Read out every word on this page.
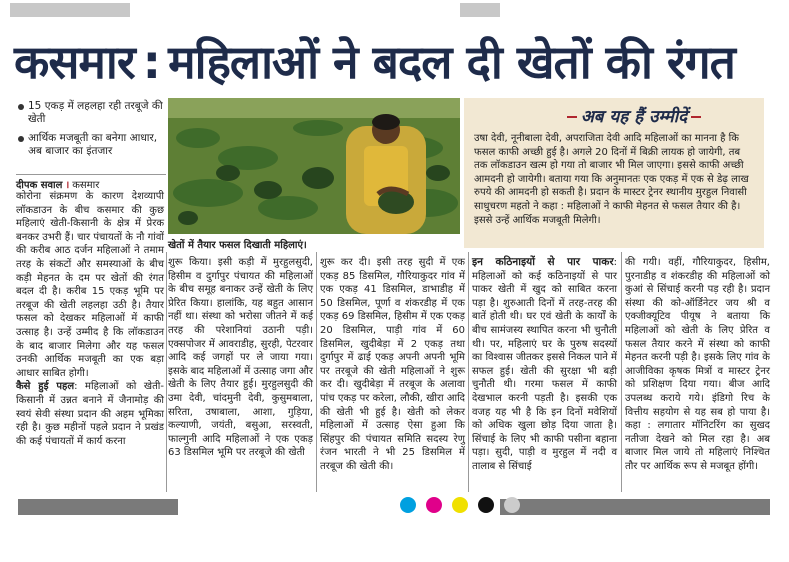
कसमार : महिलाओं ने बदल दी खेतों की रंगत
15 एकड़ में लहलहा रही तरबूजे की खेती
आर्थिक मजबूती का बनेगा आधार, अब बाजार का इंतजार
दीपक सवाल । कसमार
खेतों में तैयार फसल दिखाती महिलाएं।
अब यह हैं उम्मीदें
उषा देवी, नूनीबाला देवी, अपराजिता देवी आदि महिलाओं का मानना है कि फसल काफी अच्छी हुई है। अगले 20 दिनों में बिक्री लायक हो जायेगी, तब तक लॉकडाउन खत्म हो गया तो बाजार भी मिल जाएगा। इससे काफी अच्छी आमदनी हो जायेगी। बताया गया कि अनुमानतः एक एकड़ में एक से डेढ़ लाख रुपये की आमदनी हो सकती है। प्रदान के मास्टर ट्रेनर स्थानीय मुरहुल निवासी साधुचरण महतो ने कहा : महिलाओं ने काफी मेहनत से फसल तैयार की है। इससे उन्हें आर्थिक मजबूती मिलेगी।

कोरोना संक्रमण के कारण देशव्यापी लॉकडाउन के बीच कसमार की कुछ महिलाएं खेती-किसानी के क्षेत्र में प्रेरक बनकर उभरी हैं। चार पंचायतों के नौ गांवों की करीब आठ दर्जन महिलाओं ने तमाम तरह के संकटों और समस्याओं के बीच कड़ी मेहनत के दम पर खेतों की रंगत बदल दी है। करीब 15 एकड़ भूमि पर तरबूज की खेती लहलहा उठी है। तैयार फसल को देखकर महिलाओं में काफी उत्साह है। उन्हें उम्मीद है कि लॉकडाउन के बाद बाजार मिलेगा और यह फसल उनकी आर्थिक मजबूती का एक बड़ा आधार साबित होगी।

कैसे हुई पहल: महिलाओं को खेती-किसानी में उन्नत बनाने में जैनामोड़ की स्वयं सेवी संस्था प्रदान की अहम भूमिका रही है। कुछ महीनों पहले प्रदान ने प्रखंड की कई पंचायतों में कार्य करना

शुरू किया। इसी कड़ी में मुरहुलसुदी, हिसीम व दुर्गापुर पंचायत की महिलाओं के बीच समूह बनाकर उन्हें खेती के लिए प्रेरित किया। हालांकि, यह बहुत आसान नहीं था। संस्था को भरोसा जीतने में कई तरह की परेशानियां उठानी पड़ी। एक्सपोजर में आवराडीह, सुरही, पेटरवार आदि कई जगहों पर ले जाया गया। इसके बाद महिलाओं में उत्साह जगा और खेती के लिए तैयार हुई। मुरहुलसुदी की उमा देवी, चांदमुनी देवी, कुसुमबाला, सरिता, उषाबाला, आशा, गुड़िया, कल्याणी, जयंती, बसुआ, सरस्वती, फाल्गुनी आदि महिलाओं ने एक एकड़ 63 डिसमिल भूमि पर तरबूजे की खेती
शुरू कर दी। इसी तरह सुदी में एक एकड़ 85 डिसमिल, गौरियाकुदर गांव में एक एकड़ 41 डिसमिल, डाभाडीह में 50 डिसमिल, पूर्णा व शंकरडीह में एक एकड़ 69 डिसमिल, हिसीम में एक एकड़ 20 डिसमिल, पाड़ी गांव में 60 डिसमिल, खुदीबेड़ा में 2 एकड़ तथा दुर्गापुर में ढाई एकड़ अपनी अपनी भूमि पर तरबूजे की खेती महिलाओं ने शुरू कर दी। खुदीबेड़ा में तरबूज के अलावा पांच एकड़ पर करेला, लौकी, खीरा आदि की खेती भी हुई है। खेती को लेकर महिलाओं में उत्साह ऐसा हुआ कि सिंहपुर की पंचायत समिति सदस्य रेणु रंजन भारती ने भी 25 डिसमिल में तरबूज की खेती की।

इन कठिनाइयों से पार पाकर: महिलाओं को कई कठिनाइयों से पार पाकर खेती में खुद को साबित करना पड़ा है। शुरुआती दिनों में तरह-तरह की बातें होती थी। घर एवं खेती के कार्यों के बीच सामंजस्य स्थापित करना भी चुनौती थी। पर, महिलाएं घर के पुरुष सदस्यों का विश्वास जीतकर इससे निकल पाने में सफल हुई। खेती की सुरक्षा भी बड़ी चुनौती थी। गरमा फसल में काफी देखभाल करनी पड़ती है। इसकी एक वजह यह भी है कि इन दिनों मवेशियों को अधिक खुला छोड़ दिया जाता है। सिंचाई के लिए भी काफी पसीना बहाना पड़ा। सुदी, पाड़ी व मुरहुल में नदी व तालाब से सिंचाई

की गयी। वहीं, गौरियाकुदर, हिसीम, पुरनाडीह व शंकरडीह की महिलाओं को कुआं से सिंचाई करनी पड़ रही है। प्रदान संस्था की को-ऑर्डिनेटर जय श्री व एक्जीक्यूटिव पीयूष ने बताया कि महिलाओं को खेती के लिए प्रेरित व फसल तैयार करने में संस्था को काफी मेहनत करनी पड़ी है। इसके लिए गांव के आजीविका कृषक मित्रों व मास्टर ट्रेनर को प्रशिक्षण दिया गया। बीज आदि उपलब्ध कराये गये। इंडिगो रिच के वित्तीय सहयोग से यह सब हो पाया है। कहा : लगातार मॉनिटरिंग का सुखद नतीजा देखने को मिल रहा है। अब बाजार मिल जाये तो महिलाएं निश्चित तौर पर आर्थिक रूप से मजबूत होंगी।
